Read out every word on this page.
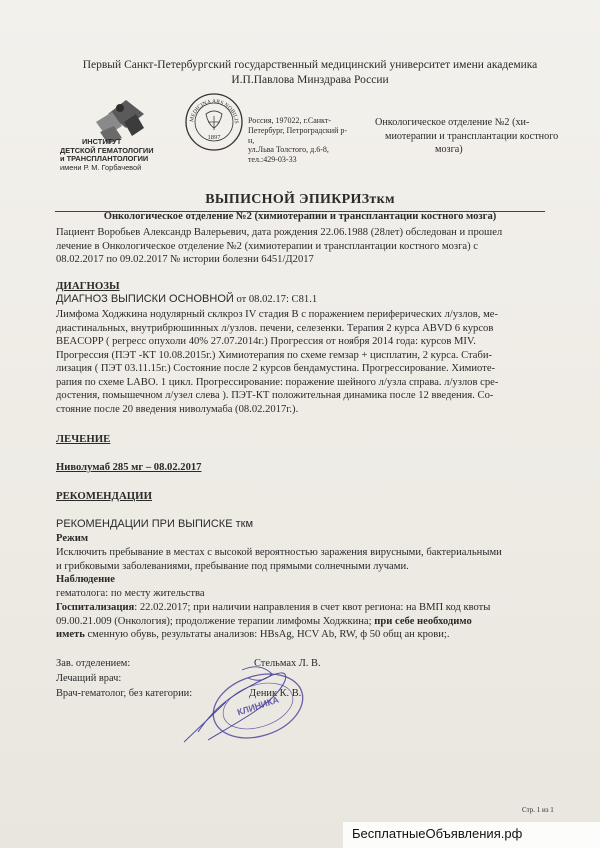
Первый Санкт-Петербургский государственный медицинский университет имени академика
И.П.Павлова Минздрава России
ИНСТИТУТ
ДЕТСКОЙ ГЕМАТОЛОГИИ
и ТРАНСПЛАНТОЛОГИИ
имени Р. М. Горбачевой
MEDICINA ARS NOBILIS
1897
Россия, 197022, г.Санкт-
Петербург, Петроградский р-н,
ул.Льва Толстого, д.6-8,
тел.:429-03-33
Онкологическое отделение №2 (хи-
миотерапии и трансплантации костного
мозга)
ВЫПИСНОЙ ЭПИКРИЗткм
Онкологическое отделение №2 (химиотерапии и трансплантации костного мозга)
Пациент Воробьев Александр Валерьевич, дата рождения 22.06.1988 (28лет) обследован и прошел
лечение в Онкологическое отделение №2 (химиотерапии и трансплантации костного мозга) с
08.02.2017 по 09.02.2017 № истории болезни 6451/Д2017
ДИАГНОЗЫ
ДИАГНОЗ ВЫПИСКИ ОСНОВНОЙ от 08.02.17: С81.1
Лимфома Ходжкина нодулярный склкроз IV стадия В с поражением периферических л/узлов, ме-
диастинальных, внутрибрюшинных л/узлов. печени, селезенки. Терапия 2 курса ABVD 6 курсов
BEACOPP ( регресс опухоли 40% 27.07.2014г.) Прогрессия от ноября 2014 года: курсов MIV.
Прогрессия (ПЭТ -КТ 10.08.2015г.) Химиотерапия по схеме гемзар + цисплатин, 2 курса. Стаби-
лизация ( ПЭТ 03.11.15г.) Состояние после 2 курсов бендамустина. Прогрессирование. Химиоте-
рапия по схеме LABO. 1 цикл. Прогрессирование: поражение шейного л/узла справа. л/узлов сре-
достения, помышечном л/узел слева ). ПЭТ-КТ положительная динамика после 12 введения. Со-
стояние после 20 введения ниволумаба (08.02.2017г.).
ЛЕЧЕНИЕ
Ниволумаб 285 мг – 08.02.2017
РЕКОМЕНДАЦИИ
РЕКОМЕНДАЦИИ ПРИ ВЫПИСКЕ ткм
Режим
Исключить пребывание в местах с высокой вероятностью заражения вирусными, бактериальными
и грибковыми заболеваниями, пребывание под прямыми солнечными лучами.
Наблюдение
гематолога: по месту жительства
Госпитализация: 22.02.2017; при наличии направления в счет квот региона: на ВМП код квоты
09.00.21.009 (Онкология); продолжение терапии лимфомы Ходжкина; при себе необходимо
иметь сменную обувь, результаты анализов: HBsAg, HCV Ab, RW, ф 50 общ ан крови;.
Зав. отделением:	Стельмах Л. В.
Лечащий врач:
Врач-гематолог, без категории:	Деник К. В.
КЛИНИКА
Стр. 1 из 1
БесплатныеОбъявления.рф
